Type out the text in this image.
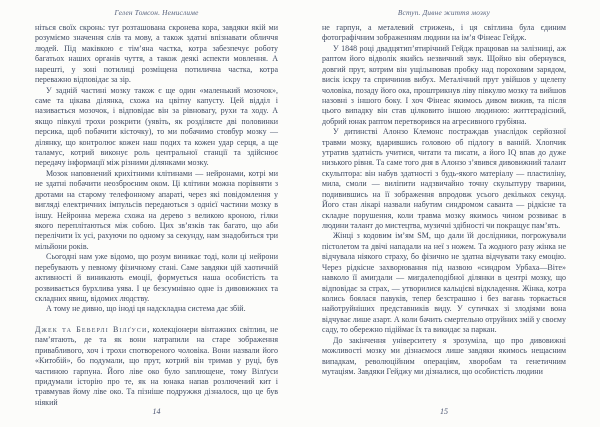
Гелен Томсон. Немислиме

ніться своїх скронь: тут розташована скронева кора, завдяки якій ми розуміємо значення слів та мову, а також здатні впізнавати обличчя людей. Під маківкою є тім’яна частка, котра забезпечує роботу багатьох наших органів чуття, а також деякі аспекти мовлення. А нарешті, у зоні потилиці розміщена потилична частка, котра переважно відповідає за зір.

У задній частині мозку також є ще один «маленький мозочок», саме та цікава ділянка, схожа на цвітну капусту. Цей відділ і називається мозочок, і відповідає він за рівновагу, рухи та ходу. А якщо півкулі трохи розкрити (уявіть, як розділяєте дві половинки персика, щоб побачити кісточку), то ми побачимо стовбур мозку — ділянку, що контролює кожен наш подих та кожен удар серця, а ще таламус, котрий виконує роль центральної станції та здійснює передачу інформації між різними ділянками мозку.

Мозок наповнений крихітними клітинами — нейронами, котрі ми не здатні побачити неозброєним оком. Ці клітини можна порівняти з дротами на старому телефонному апараті, через які повідомлення у вигляді електричних імпульсів передаються з однієї частини мозку в іншу. Нейронна мережа схожа на дерево з великою кроною, гілки якого переплітаються між собою. Цих зв’язків так багато, що аби перелічити їх усі, рахуючи по одному за секунду, нам знадобиться три мільйони років.

Сьогодні нам уже відомо, що розум виникає тоді, коли ці нейрони перебувають у певному фізичному стані. Саме завдяки цій хаотичній активності й виникають емоції, формується наша особистість та розвивається бурхлива уява. І це безсумнівно одне із дивовижних та складних явищ, відомих людству.

А тому не дивно, що іноді ця надскладна система дає збій.

Джек та Беверлі Вілґуси, колекціонери вінтажних світлин, не пам’ятають, де та як вони натрапили на старе зображення привабливого, хоч і трохи спотвореного чоловіка. Вони назвали його «Китобій», бо подумали, що прут, котрий він тримав у руці, був частиною гарпуна. Його ліве око було заплющене, тому Вілґуси придумали історію про те, як на юнака напав розлючений кит і травмував йому ліве око. Та пізніше подружжя дізналося, що це був ніякий

14
Вступ. Дивне життя мозку

не гарпун, а металевий стрижень, і ця світлина була єдиним фотографічним зображенням людини на ім’я Фінеас Гейдж.

У 1848 році двадцятип’ятирічний Гейдж працював на залізниці, аж раптом його відволік якийсь незвичний звук. Щойно він обернувся, довгий прут, котрим він ущільнював пробку над пороховим зарядом, висік іскру та спричинив вибух. Металічний прут увійшов у щелепу чоловіка, позаду його ока, проштрикнув ліву півкулю мозку та вийшов назовні з іншого боку. І хоч Фінеас якимось дивом вижив, та після цього випадку він став цілковито іншою людиною: життєрадісний, добрий юнак раптом перетворився на агресивного грубіяна.

У дитинстві Алонзо Клемонс постраждав унаслідок серйозної травми мозку, вдарившись головою об підлогу в ванній. Хлопчик утратив здатність учитися, читати та писати, а його IQ впав до дуже низького рівня. Та саме того дня в Алонзо з’явився дивовижний талант скульптора: він набув здатності з будь-якого матеріалу — пластиліну, мила, смоли — виліпити надзвичайно точну скульптуру тварини, подивившись на її зображення впродовж усього декількох секунд. Його стан лікарі назвали набутим синдромом саванта — рідкісне та складне порушення, коли травма мозку якимось чином розвиває в людини талант до мистецтва, музичні здібності чи покращує пам’ять.

Жінці з кодовим ім’ям SM, що дали їй дослідники, погрожували пістолетом та двічі нападали на неї з ножем. Та жодного разу жінка не відчувала ніякого страху, бо фізично не здатна відчувати таку емоцію. Через рідкісне захворювання під назвою «синдром Урбаха—Віте» навколо її амигдали — мигдалеподібної ділянки в центрі мозку, що відповідає за страх, — утворилися кальцієві відкладення. Жінка, котра колись боялася павуків, тепер безстрашно і без вагань торкається найотруйніших представників виду. У сутичках зі злодіями вона відчуває лише азарт. А коли бачить смертельно отруйних змій у своєму саду, то обережно підіймає їх та викидає за паркан.

До закінчення університету я зрозуміла, що про дивовижні можливості мозку ми дізнаємося лише завдяки якимось нещасним випадкам, революційним операціям, хворобам та генетичним мутаціям. Завдяки Гейджу ми дізналися, що особистість людини

15
